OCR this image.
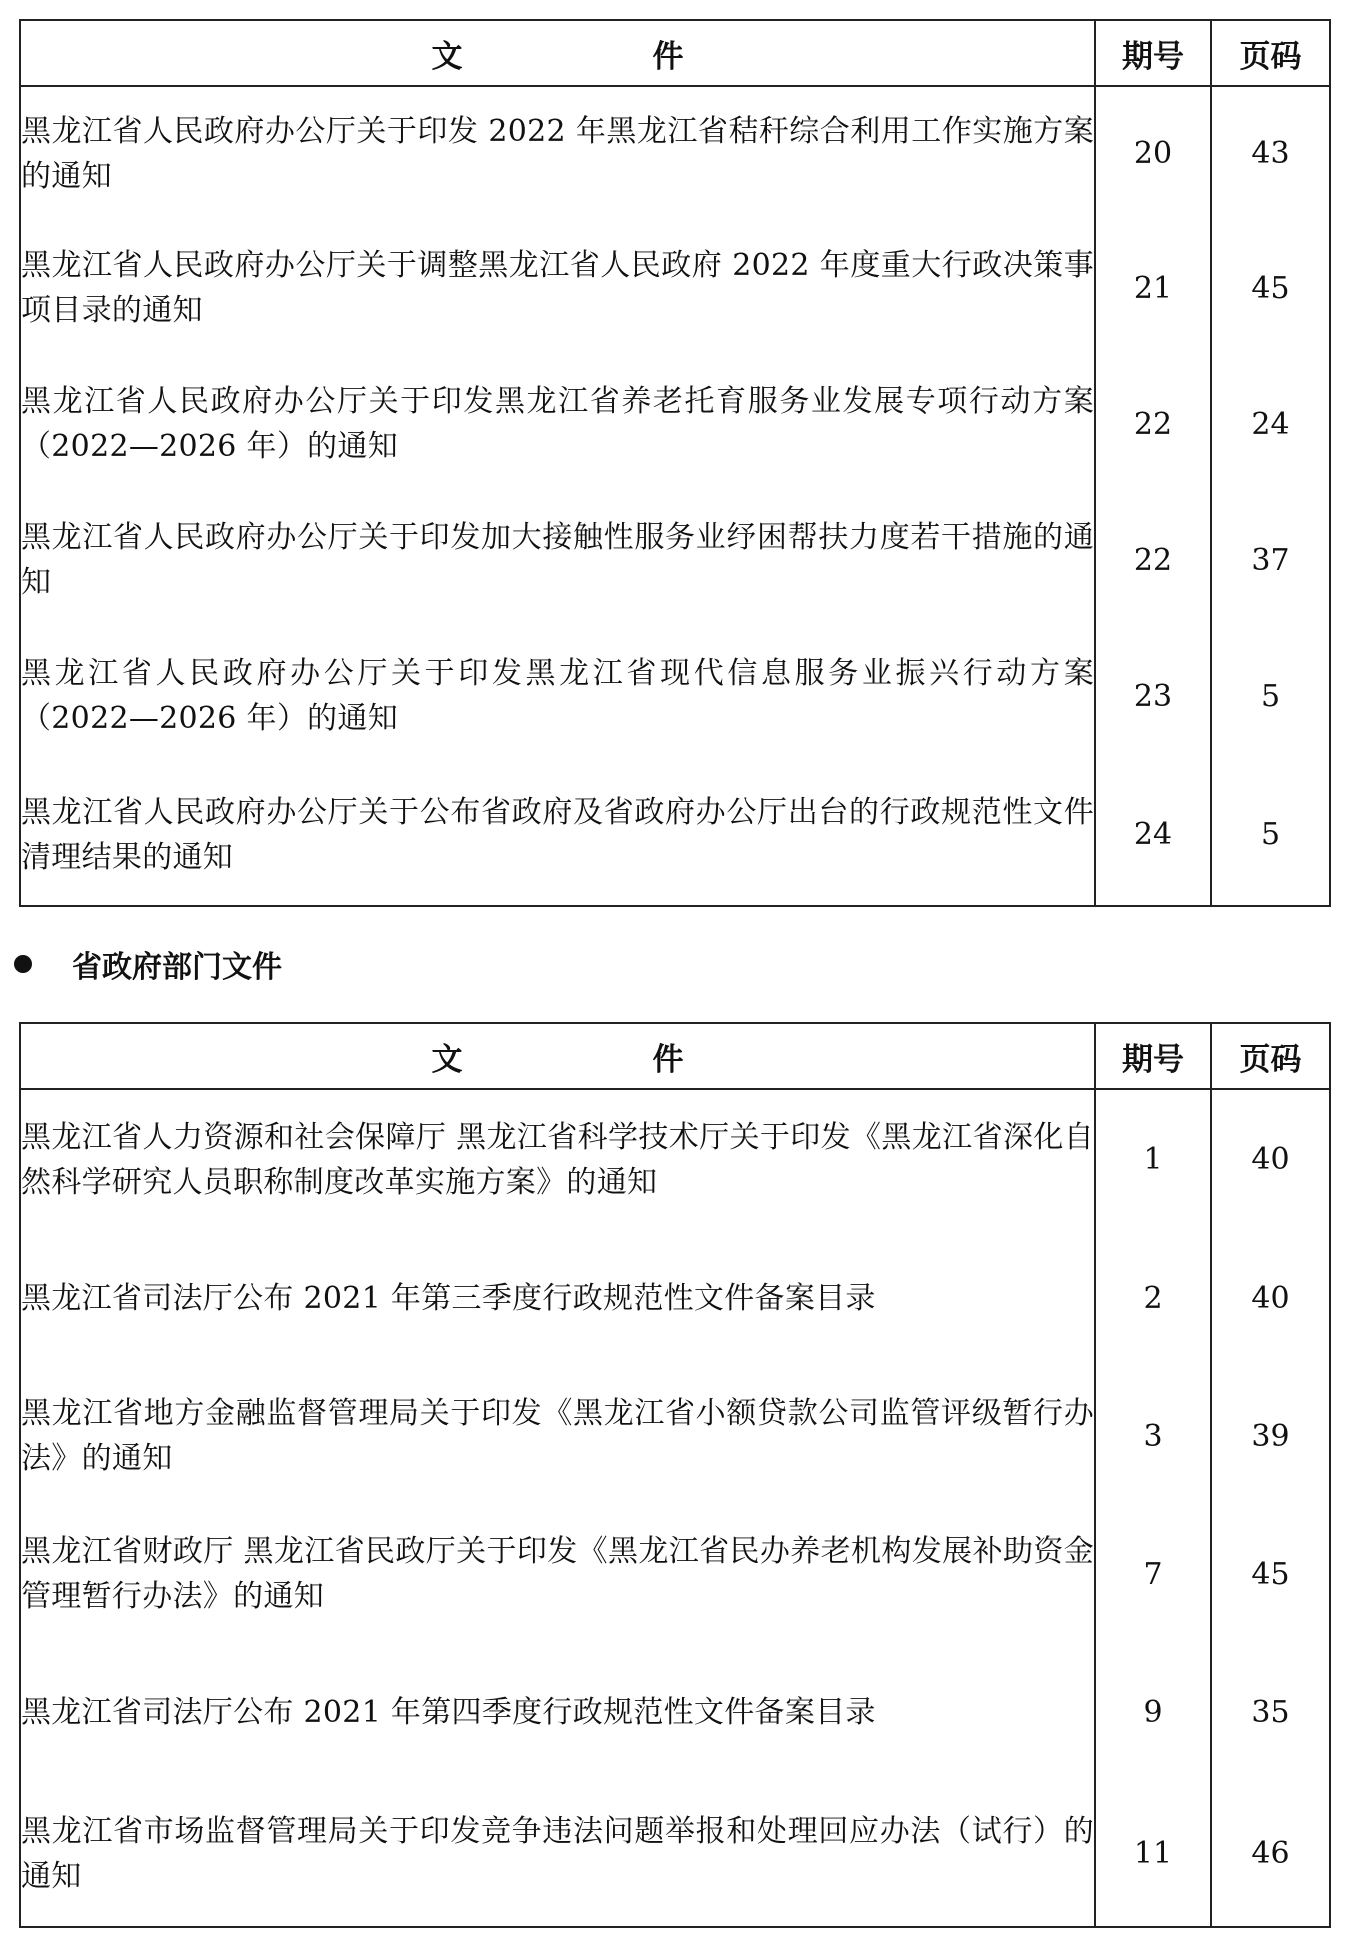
文 件	期号	页码
黑龙江省人民政府办公厅关于印发 2022 年黑龙江省秸秆综合利用工作实施方案的通知	20	43
黑龙江省人民政府办公厅关于调整黑龙江省人民政府 2022 年度重大行政决策事项目录的通知	21	45
黑龙江省人民政府办公厅关于印发黑龙江省养老托育服务业发展专项行动方案（2022—2026 年）的通知	22	24
黑龙江省人民政府办公厅关于印发加大接触性服务业纾困帮扶力度若干措施的通知	22	37
黑龙江省人民政府办公厅关于印发黑龙江省现代信息服务业振兴行动方案（2022—2026 年）的通知	23	5
黑龙江省人民政府办公厅关于公布省政府及省政府办公厅出台的行政规范性文件清理结果的通知	24	5
省政府部门文件
文 件	期号	页码
黑龙江省人力资源和社会保障厅 黑龙江省科学技术厅关于印发《黑龙江省深化自然科学研究人员职称制度改革实施方案》的通知	1	40
黑龙江省司法厅公布 2021 年第三季度行政规范性文件备案目录	2	40
黑龙江省地方金融监督管理局关于印发《黑龙江省小额贷款公司监管评级暂行办法》的通知	3	39
黑龙江省财政厅 黑龙江省民政厅关于印发《黑龙江省民办养老机构发展补助资金管理暂行办法》的通知	7	45
黑龙江省司法厅公布 2021 年第四季度行政规范性文件备案目录	9	35
黑龙江省市场监督管理局关于印发竞争违法问题举报和处理回应办法（试行）的通知	11	46
